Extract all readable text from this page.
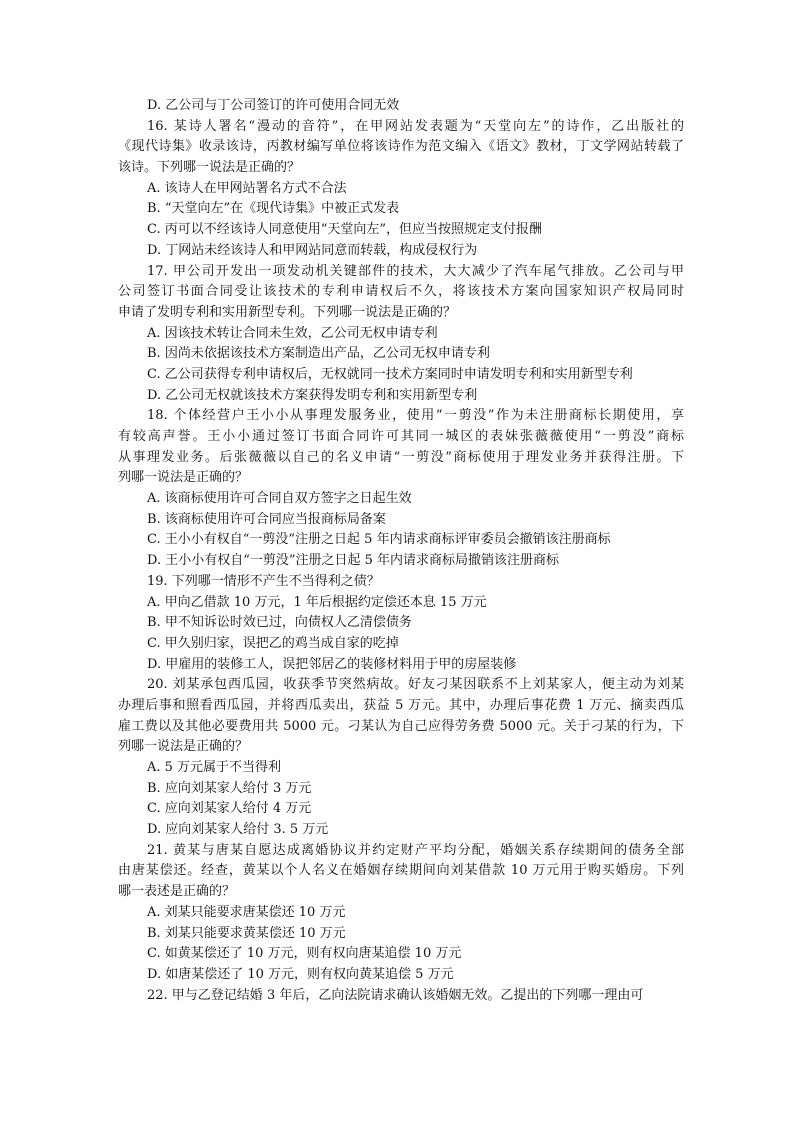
D. 乙公司与丁公司签订的许可使用合同无效
16. 某诗人署名“漫动的音符”，在甲网站发表题为“天堂向左”的诗作，乙出版社的
《现代诗集》收录该诗，丙教材编写单位将该诗作为范文编入《语文》教材，丁文学网站转载了
该诗。下列哪一说法是正确的？
A. 该诗人在甲网站署名方式不合法
B. “天堂向左”在《现代诗集》中被正式发表
C. 丙可以不经该诗人同意使用“天堂向左”，但应当按照规定支付报酬
D. 丁网站未经该诗人和甲网站同意而转载，构成侵权行为
17. 甲公司开发出一项发动机关键部件的技术，大大减少了汽车尾气排放。乙公司与甲
公司签订书面合同受让该技术的专利申请权后不久，将该技术方案向国家知识产权局同时
申请了发明专利和实用新型专利。下列哪一说法是正确的？
A. 因该技术转让合同未生效，乙公司无权申请专利
B. 因尚未依据该技术方案制造出产品，乙公司无权申请专利
C. 乙公司获得专利申请权后，无权就同一技术方案同时申请发明专利和实用新型专利
D. 乙公司无权就该技术方案获得发明专利和实用新型专利
18. 个体经营户王小小从事理发服务业，使用“一剪没”作为未注册商标长期使用，享
有较高声誉。王小小通过签订书面合同许可其同一城区的表妹张薇薇使用“一剪没”商标
从事理发业务。后张薇薇以自己的名义申请“一剪没”商标使用于理发业务并获得注册。下
列哪一说法是正确的？
A. 该商标使用许可合同自双方签字之日起生效
B. 该商标使用许可合同应当报商标局备案
C. 王小小有权自“一剪没”注册之日起 5 年内请求商标评审委员会撤销该注册商标
D. 王小小有权自“一剪没”注册之日起 5 年内请求商标局撤销该注册商标
19. 下列哪一情形不产生不当得利之债？
A. 甲向乙借款 10 万元，1 年后根据约定偿还本息 15 万元
B. 甲不知诉讼时效已过，向债权人乙清偿债务
C. 甲久别归家，误把乙的鸡当成自家的吃掉
D. 甲雇用的装修工人，误把邻居乙的装修材料用于甲的房屋装修
20. 刘某承包西瓜园，收获季节突然病故。好友刁某因联系不上刘某家人，便主动为刘某
办理后事和照看西瓜园，并将西瓜卖出，获益 5 万元。其中，办理后事花费 1 万元、摘卖西瓜
雇工费以及其他必要费用共 5000 元。刁某认为自己应得劳务费 5000 元。关于刁某的行为，下
列哪一说法是正确的？
A. 5 万元属于不当得利
B. 应向刘某家人给付 3 万元
C. 应向刘某家人给付 4 万元
D. 应向刘某家人给付 3. 5 万元
21. 黄某与唐某自愿达成离婚协议并约定财产平均分配，婚姻关系存续期间的债务全部
由唐某偿还。经查，黄某以个人名义在婚姻存续期间向刘某借款 10 万元用于购买婚房。下列
哪一表述是正确的？
A. 刘某只能要求唐某偿还 10 万元
B. 刘某只能要求黄某偿还 10 万元
C. 如黄某偿还了 10 万元，则有权向唐某追偿 10 万元
D. 如唐某偿还了 10 万元，则有权向黄某追偿 5 万元
22. 甲与乙登记结婚 3 年后，乙向法院请求确认该婚姻无效。乙提出的下列哪一理由可
